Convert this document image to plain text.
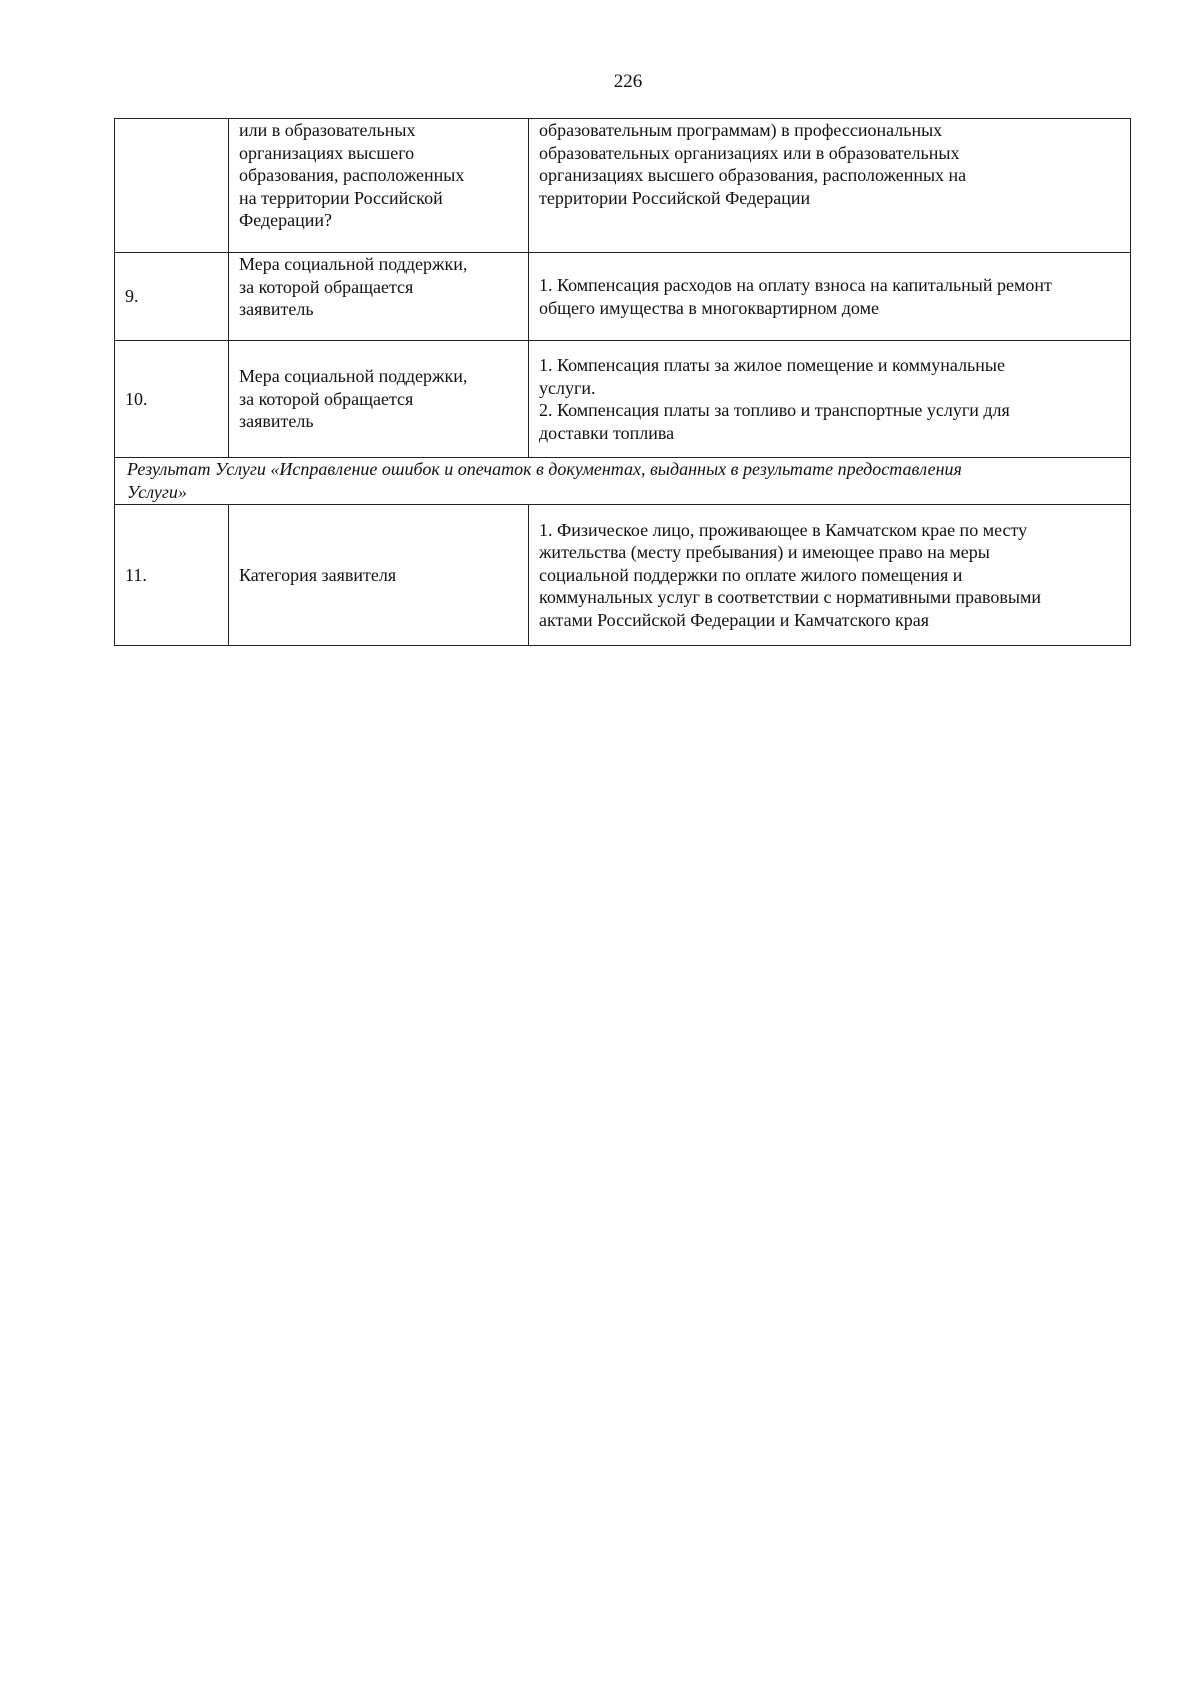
226

	или в образовательных
организациях высшего
образования, расположенных
на территории Российской
Федерации?	образовательным программам) в профессиональных
образовательных организациях или в образовательных
организациях высшего образования, расположенных на
территории Российской Федерации

9.	Мера социальной поддержки,
за которой обращается
заявитель	1. Компенсация расходов на оплату взноса на капитальный ремонт
общего имущества в многоквартирном доме

10.	Мера социальной поддержки,
за которой обращается
заявитель	1. Компенсация платы за жилое помещение и коммунальные
услуги.
2. Компенсация платы за топливо и транспортные услуги для
доставки топлива

Результат Услуги «Исправление ошибок и опечаток в документах, выданных в результате предоставления
Услуги»		

11.	Категория заявителя	1. Физическое лицо, проживающее в Камчатском крае по месту
жительства (месту пребывания) и имеющее право на меры
социальной поддержки по оплате жилого помещения и
коммунальных услуг в соответствии с нормативными правовыми
актами Российской Федерации и Камчатского края
